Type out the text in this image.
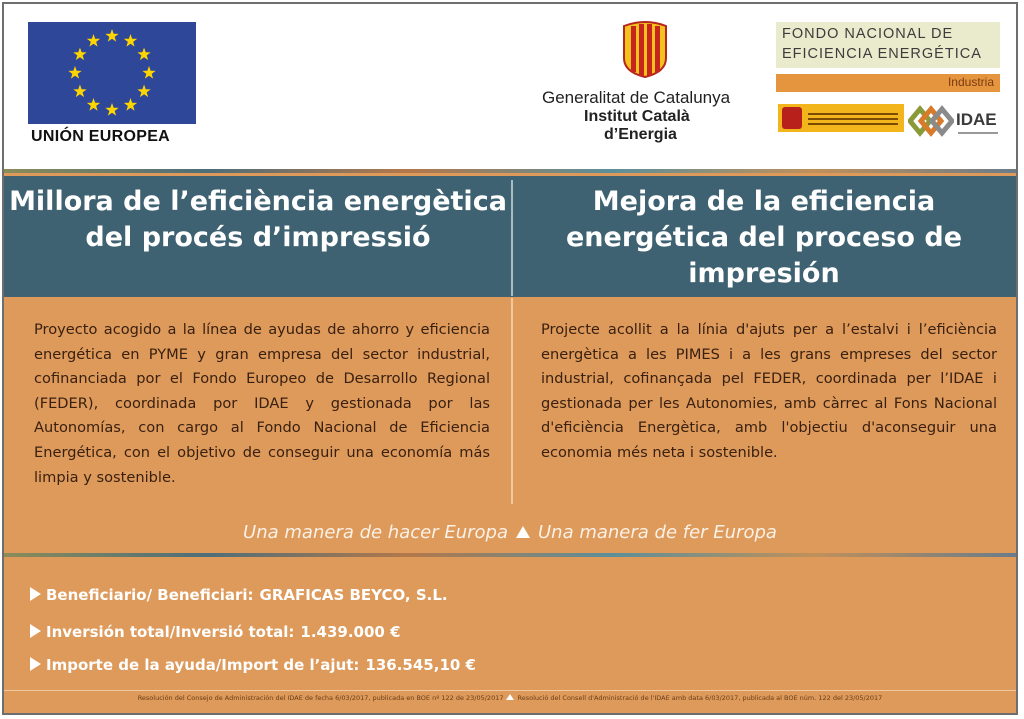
UNIÓN EUROPEA
Generalitat de Catalunya
Institut Català
d’Energia
FONDO NACIONAL DE
EFICIENCIA ENERGÉTICA
Industria
IDAE
Millora de l’eficiència energètica del procés d’impressió
Mejora de la eficiencia energética del proceso de impresión
Proyecto acogido a la línea de ayudas de ahorro y eficiencia energética en PYME y gran empresa del sector industrial, cofinanciada por el Fondo Europeo de Desarrollo Regional (FEDER), coordinada por IDAE y gestionada por las Autonomías, con cargo al Fondo Nacional de Eficiencia Energética, con el objetivo de conseguir una economía más limpia y sostenible.
Projecte acollit a la línia d'ajuts per a l’estalvi i l’eficiència energètica a les PIMES i a les grans empreses del sector industrial, cofinançada pel FEDER, coordinada per l’IDAE i gestionada per les Autonomies, amb càrrec al Fons Nacional d'eficiència Energètica, amb l'objectiu d'aconseguir una economia més neta i sostenible.
Una manera de hacer Europa Una manera de fer Europa
Beneficiario/ Beneficiari: GRAFICAS BEYCO, S.L.
Inversión total/Inversió total: 1.439.000 €
Importe de la ayuda/Import de l’ajut: 136.545,10 €
Resolución del Consejo de Administración del IDAE de fecha 6/03/2017, publicada en BOE nº 122 de 23/05/2017 Resolució del Consell d'Administració de l'IDAE amb data 6/03/2017, publicada al BOE núm. 122 del 23/05/2017
